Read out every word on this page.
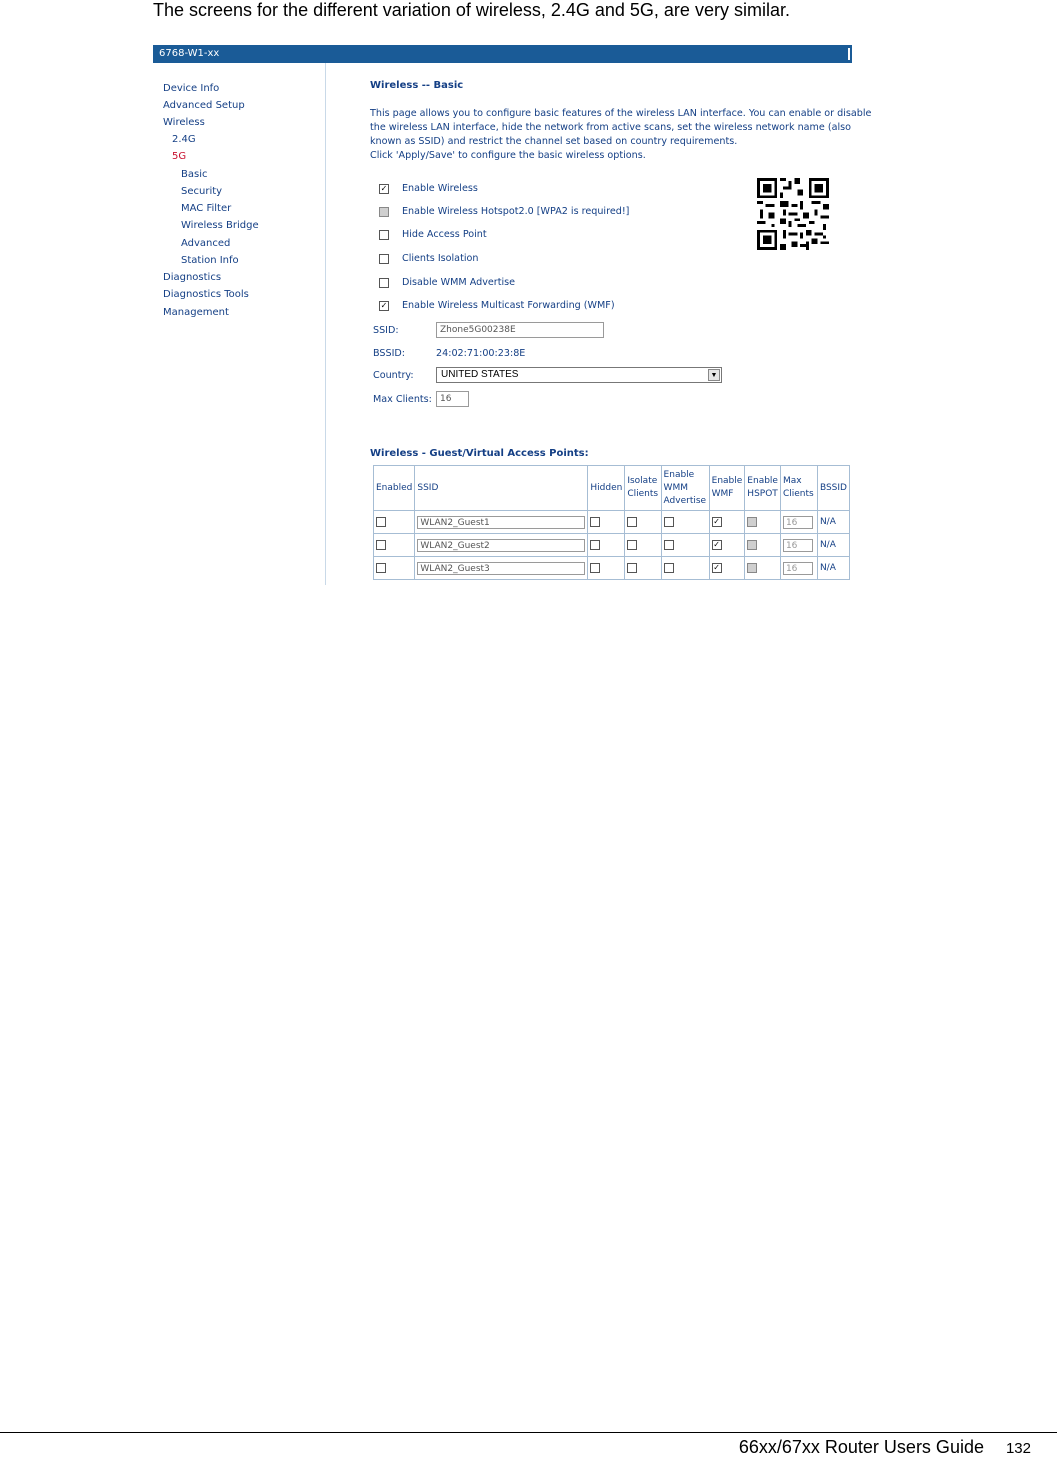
The screens for the different variation of wireless, 2.4G and 5G, are very similar.
6768-W1-xx
Device Info
Advanced Setup
Wireless
2.4G
5G
Basic
Security
MAC Filter
Wireless Bridge
Advanced
Station Info
Diagnostics
Diagnostics Tools
Management
Wireless -- Basic
This page allows you to configure basic features of the wireless LAN interface. You can enable or disable
the wireless LAN interface, hide the network from active scans, set the wireless network name (also
known as SSID) and restrict the channel set based on country requirements.
Click 'Apply/Save' to configure the basic wireless options.
✓ Enable Wireless
Enable Wireless Hotspot2.0 [WPA2 is required!]
Hide Access Point
Clients Isolation
Disable WMM Advertise
✓ Enable Wireless Multicast Forwarding (WMF)
SSID:	Zhone5G00238E
BSSID:	24:02:71:00:23:8E
Country:	UNITED STATES	▼
Max Clients: 16
Wireless - Guest/Virtual Access Points:
Enabled	SSID	Hidden	Isolate Clients	Enable WMM Advertise	Enable WMF	Enable HSPOT	Max Clients	BSSID
	WLAN2_Guest1				✓		16	N/A
	WLAN2_Guest2				✓		16	N/A
	WLAN2_Guest3				✓		16	N/A
66xx/67xx Router Users Guide 132
